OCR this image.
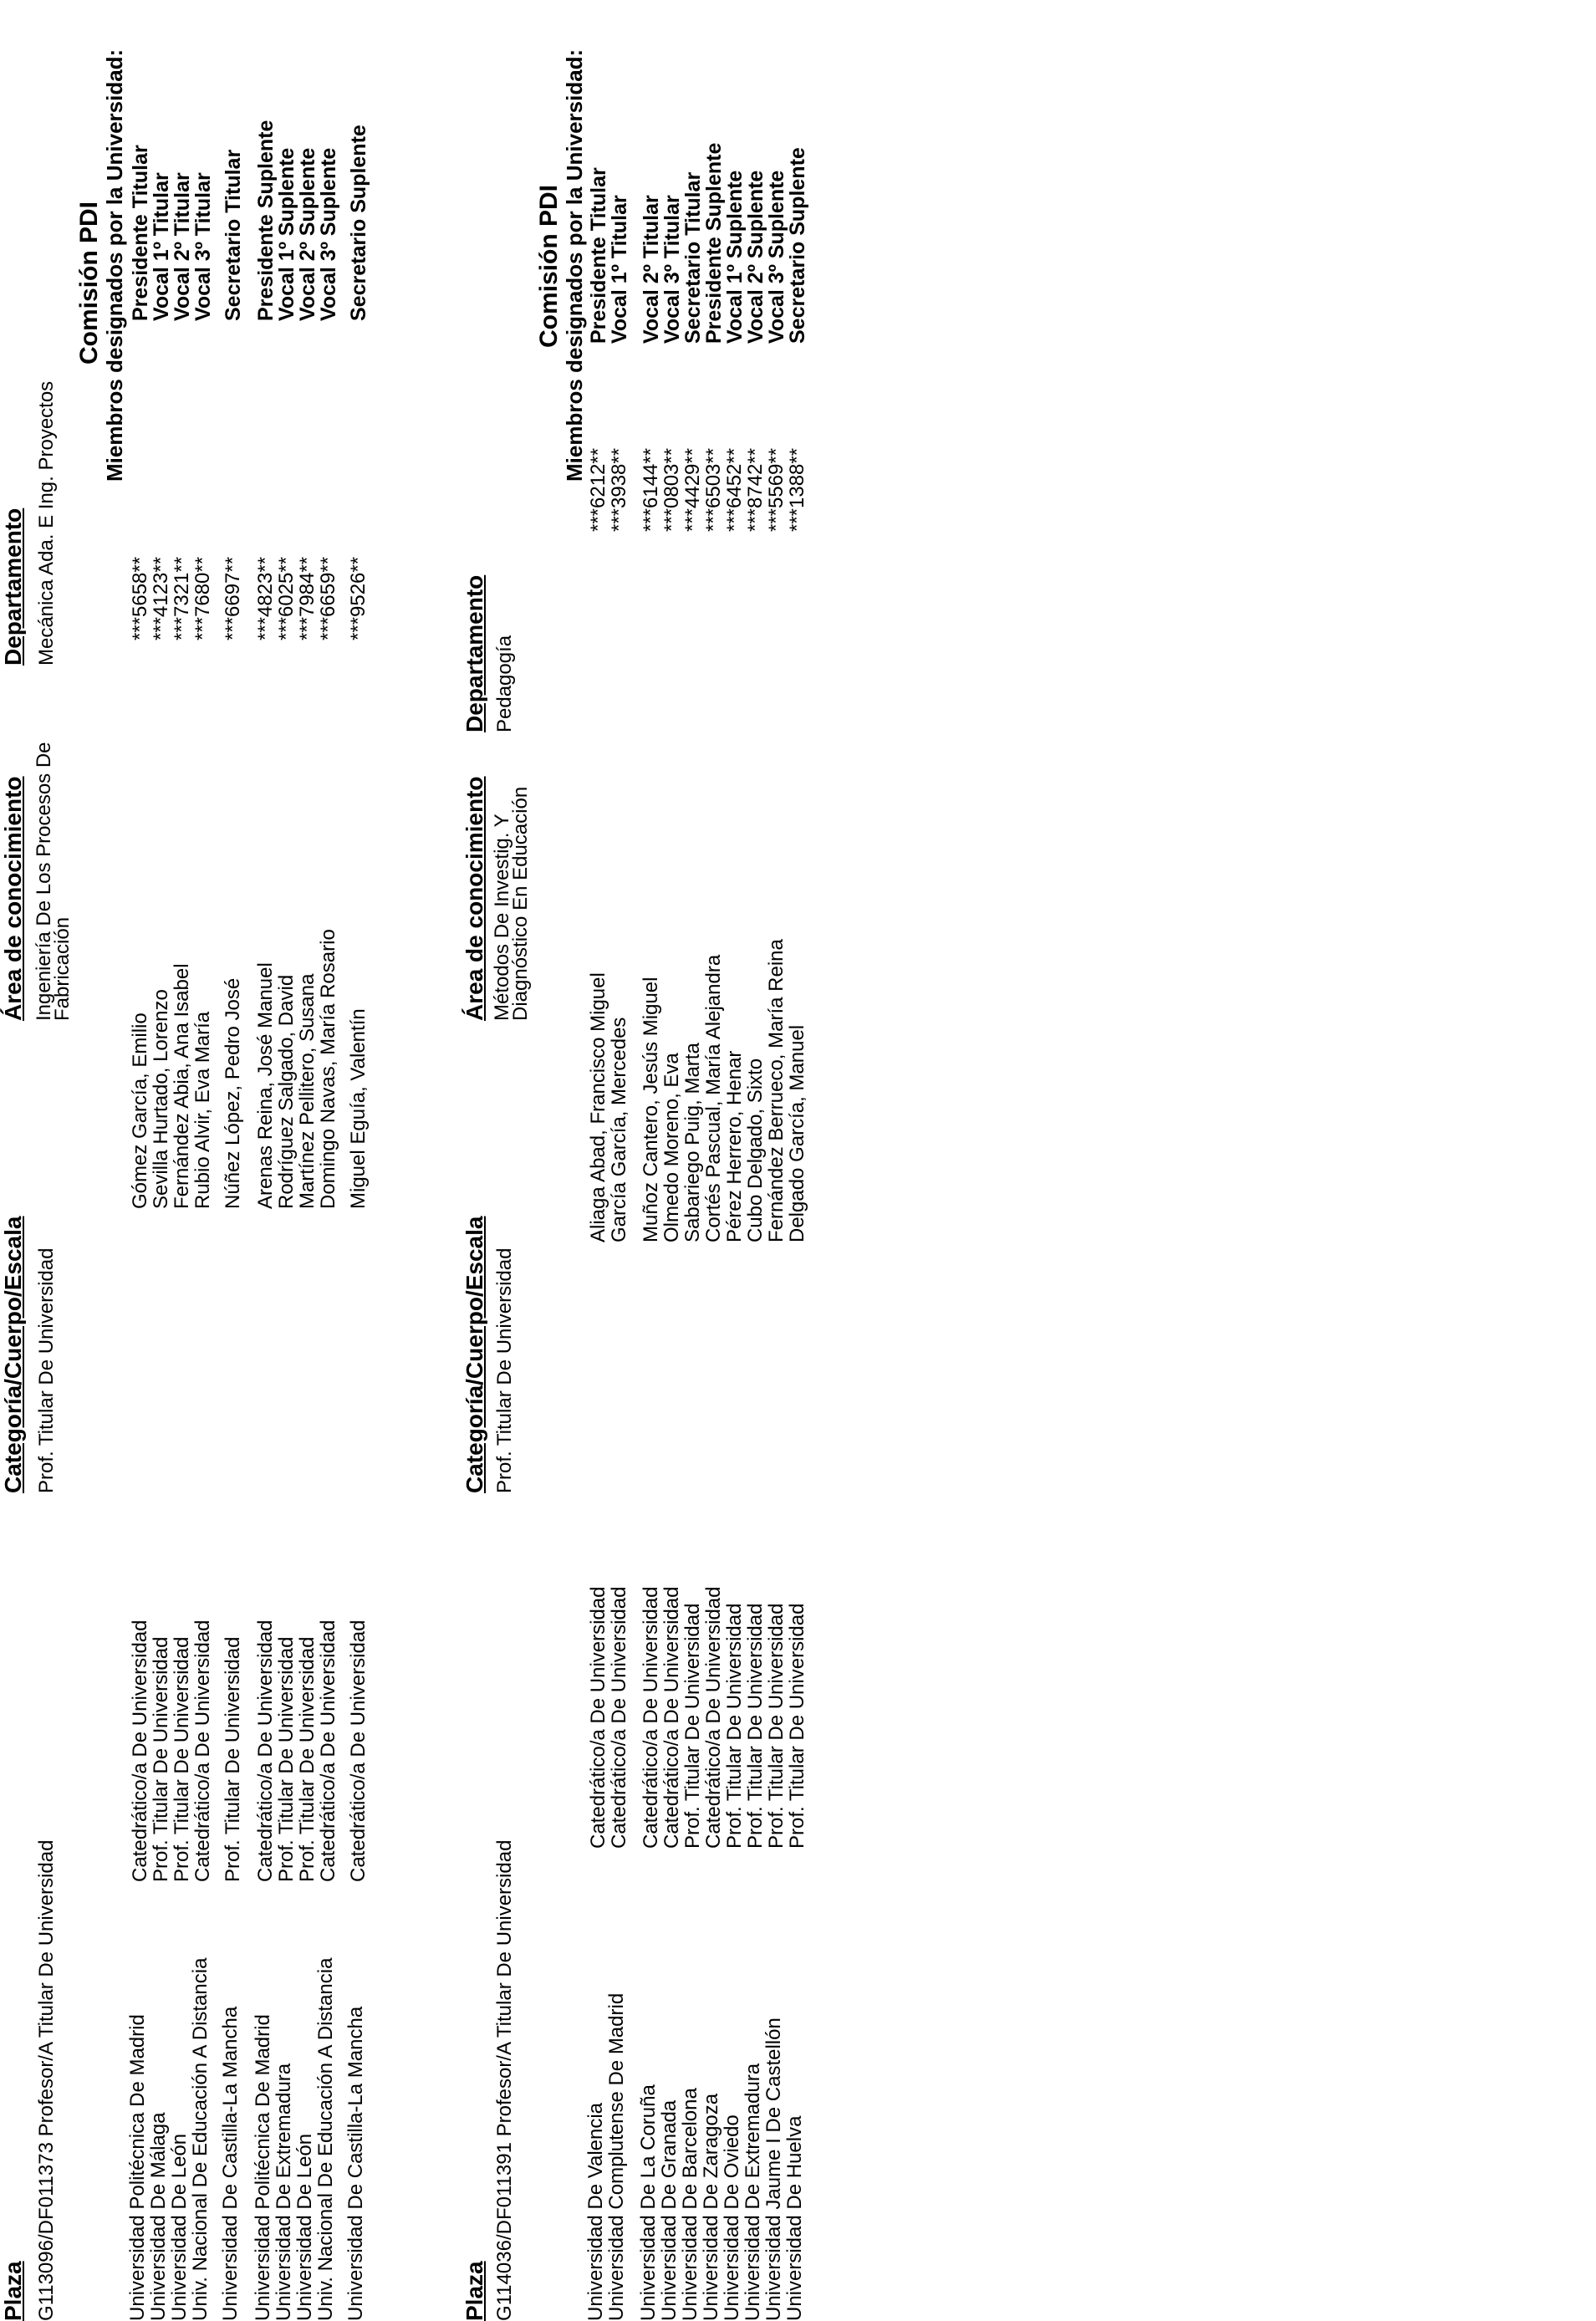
Plaza
Categoría/Cuerpo/Escala
Área de conocimiento
Departamento
G113096/DF011373 Profesor/A Titular De Universidad
Prof. Titular De Universidad
Ingeniería De Los Procesos De Fabricación
Mecánica Ada. E Ing. Proyectos
Comisión PDI Miembros designados por la Universidad: Presidente Titular
***5658**
Gómez García, Emilio
Catedrático/a De Universidad
Universidad Politécnica De Madrid
Vocal 1º Titular
***4123**
Sevilla Hurtado, Lorenzo
Prof. Titular De Universidad
Universidad De Málaga
Vocal 2º Titular
***7321**
Fernández Abia, Ana Isabel
Prof. Titular De Universidad
Universidad De León
Vocal 3º Titular
***7680**
Rubio Alvir, Eva María
Catedrático/a De Universidad
Univ. Nacional De Educación A Distancia
Secretario Titular
***6697**
Núñez López, Pedro José
Prof. Titular De Universidad
Universidad De Castilla-La Mancha
Presidente Suplente
***4823**
Arenas Reina, José Manuel
Catedrático/a De Universidad
Universidad Politécnica De Madrid
Vocal 1º Suplente
***6025**
Rodríguez Salgado, David
Prof. Titular De Universidad
Universidad De Extremadura
Vocal 2º Suplente
***7984**
Martínez Pellitero, Susana
Prof. Titular De Universidad
Universidad De León
Vocal 3º Suplente
***6659**
Domingo Navas, María Rosario
Catedrático/a De Universidad
Univ. Nacional De Educación A Distancia
Secretario Suplente
***9526**
Miguel Eguía, Valentín
Catedrático/a De Universidad
Universidad De Castilla-La Mancha	Plaza
Categoría/Cuerpo/Escala
Área de conocimiento
Departamento
G114036/DF011391 Profesor/A Titular De Universidad
Prof. Titular De Universidad
Métodos De Investig. Y Diagnóstico En Educación
Pedagogía
Comisión PDI Miembros designados por la Universidad: Presidente Titular
***6212**
Aliaga Abad, Francisco Miguel
Catedrático/a De Universidad
Universidad De Valencia
Vocal 1º Titular
***3938**
García García, Mercedes
Catedrático/a De Universidad
Universidad Complutense De Madrid
Vocal 2º Titular
***6144**
Muñoz Cantero, Jesús Miguel
Catedrático/a De Universidad
Universidad De La Coruña
Vocal 3º Titular
***0803**
Olmedo Moreno, Eva
Catedrático/a De Universidad
Universidad De Granada
Secretario Titular
***4429**
Sabariego Puig, Marta
Prof. Titular De Universidad
Universidad De Barcelona
Presidente Suplente
***6503**
Cortés Pascual, María Alejandra
Catedrático/a De Universidad
Universidad De Zaragoza
Vocal 1º Suplente
***6452**
Pérez Herrero, Henar
Prof. Titular De Universidad
Universidad De Oviedo
Vocal 2º Suplente
***8742**
Cubo Delgado, Sixto
Prof. Titular De Universidad
Universidad De Extremadura
Vocal 3º Suplente
***5569**
Fernández Berrueco, María Reina
Prof. Titular De Universidad
Universidad Jaume I De Castellón
Secretario Suplente
***1388**
Delgado García, Manuel
Prof. Titular De Universidad
Universidad De Huelva
